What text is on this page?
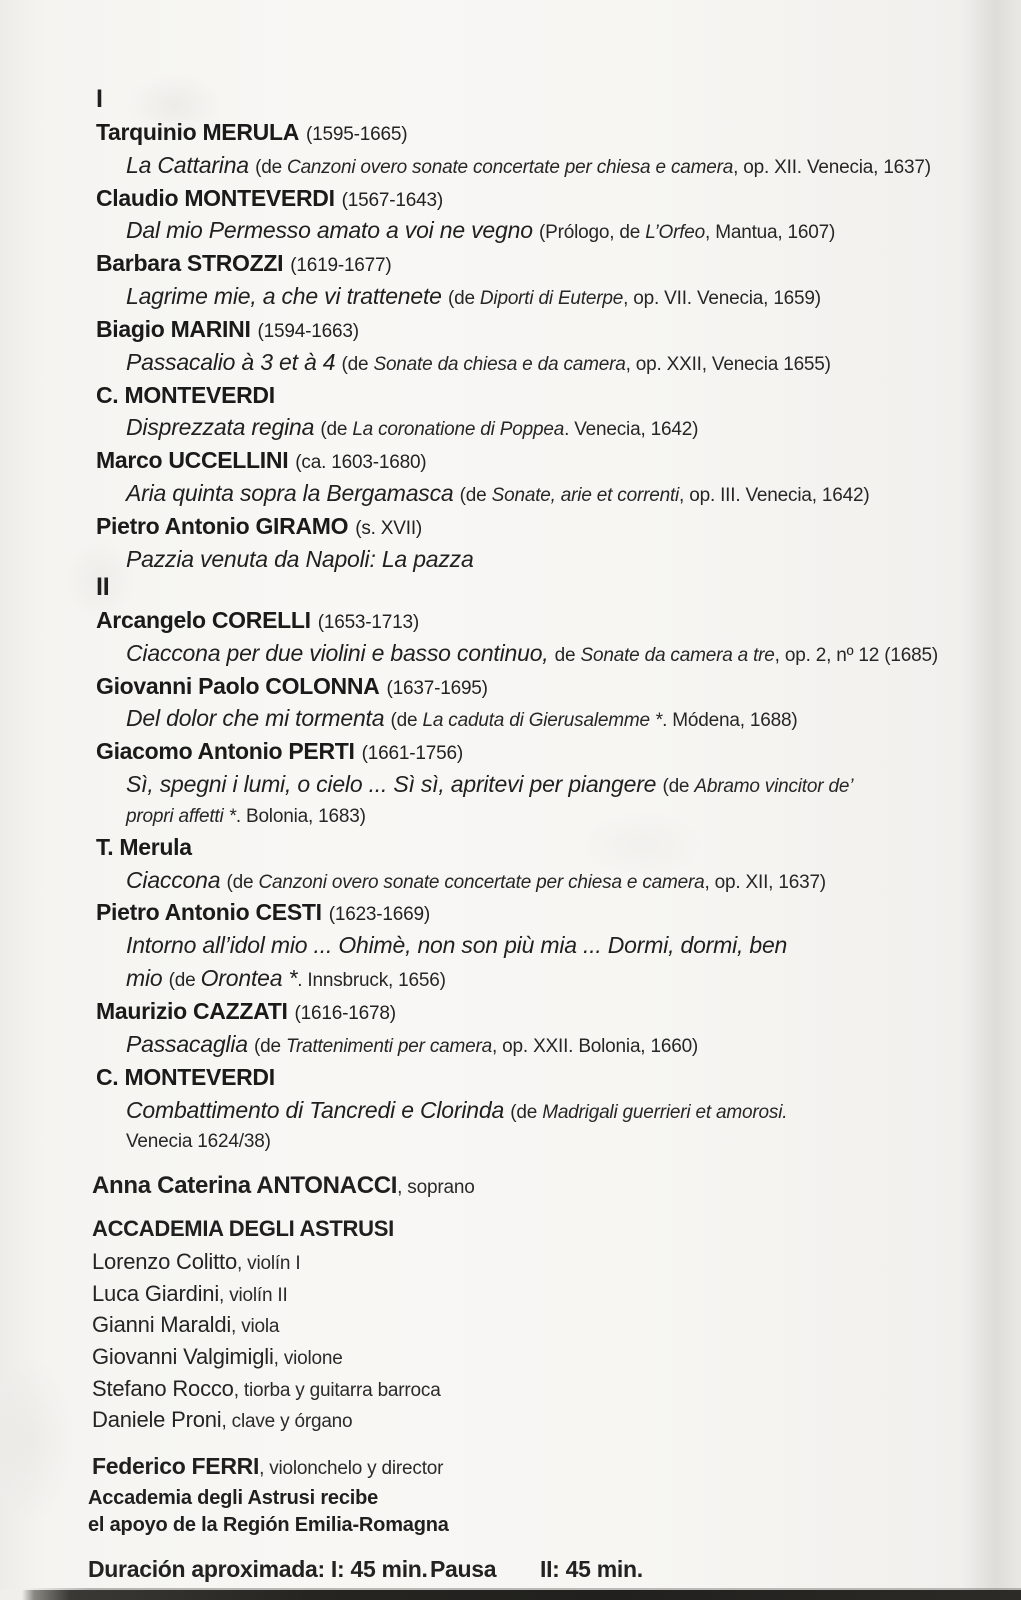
I
Tarquinio MERULA (1595-1665)
La Cattarina (de Canzoni overo sonate concertate per chiesa e camera, op. XII. Venecia, 1637)
Claudio MONTEVERDI (1567-1643)
Dal mio Permesso amato a voi ne vegno (Prólogo, de L’Orfeo, Mantua, 1607)
Barbara STROZZI (1619-1677)
Lagrime mie, a che vi trattenete (de Diporti di Euterpe, op. VII. Venecia, 1659)
Biagio MARINI (1594-1663)
Passacalio à 3 et à 4 (de Sonate da chiesa e da camera, op. XXII, Venecia 1655)
C. MONTEVERDI
Disprezzata regina (de La coronatione di Poppea. Venecia, 1642)
Marco UCCELLINI (ca. 1603-1680)
Aria quinta sopra la Bergamasca (de Sonate, arie et correnti, op. III. Venecia, 1642)
Pietro Antonio GIRAMO (s. XVII)
Pazzia venuta da Napoli: La pazza
II
Arcangelo CORELLI (1653-1713)
Ciaccona per due violini e basso continuo, de Sonate da camera a tre, op. 2, nº 12 (1685)
Giovanni Paolo COLONNA (1637-1695)
Del dolor che mi tormenta (de La caduta di Gierusalemme *. Módena, 1688)
Giacomo Antonio PERTI (1661-1756)
Sì, spegni i lumi, o cielo ... Sì sì, apritevi per piangere (de Abramo vincitor de’
propri affetti *. Bolonia, 1683)
T. Merula
Ciaccona (de Canzoni overo sonate concertate per chiesa e camera, op. XII, 1637)
Pietro Antonio CESTI (1623-1669)
Intorno all’idol mio ... Ohimè, non son più mia ... Dormi, dormi, ben
mio (de Orontea *. Innsbruck, 1656)
Maurizio CAZZATI (1616-1678)
Passacaglia (de Trattenimenti per camera, op. XXII. Bolonia, 1660)
C. MONTEVERDI
Combattimento di Tancredi e Clorinda (de Madrigali guerrieri et amorosi.
Venecia 1624/38)
Anna Caterina ANTONACCI, soprano
ACCADEMIA DEGLI ASTRUSI
Lorenzo Colitto, violín I
Luca Giardini, violín II
Gianni Maraldi, viola
Giovanni Valgimigli, violone
Stefano Rocco, tiorba y guitarra barroca
Daniele Proni, clave y órgano
Federico FERRI, violonchelo y director
Accademia degli Astrusi recibe
el apoyo de la Región Emilia-Romagna
Duración aproximada: I: 45 min. Pausa II: 45 min.
